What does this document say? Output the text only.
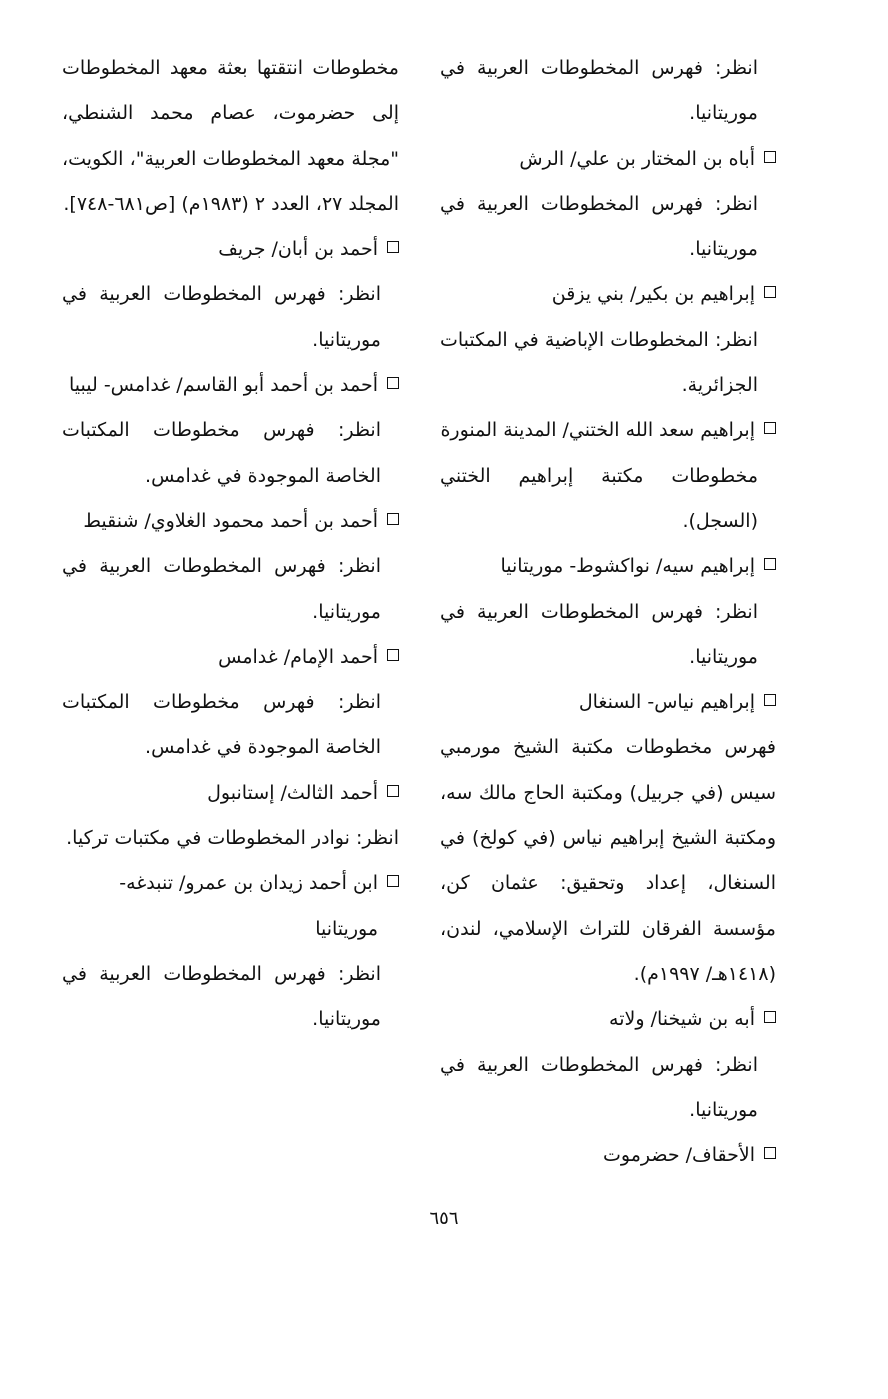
انظر: فهرس المخطوطات العربية في موريتانيا.
أباه بن المختار بن علي/ الرش
انظر: فهرس المخطوطات العربية في موريتانيا.
إبراهيم بن بكير/ بني يزقن
انظر: المخطوطات الإباضية في المكتبات الجزائرية.
إبراهيم سعد الله الختني/ المدينة المنورة
مخطوطات مكتبة إبراهيم الختني (السجل).
إبراهيم سيه/ نواكشوط- موريتانيا
انظر: فهرس المخطوطات العربية في موريتانيا.
إبراهيم نياس- السنغال
فهرس مخطوطات مكتبة الشيخ مورمبي سيس (في جربيل) ومكتبة الحاج مالك سه، ومكتبة الشيخ إبراهيم نياس (في كولخ) في السنغال، إعداد وتحقيق: عثمان كن، مؤسسة الفرقان للتراث الإسلامي، لندن، (١٤١٨هـ/ ١٩٩٧م).
أبه بن شيخنا/ ولاته
انظر: فهرس المخطوطات العربية في موريتانيا.
الأحقاف/ حضرموت
مخطوطات انتقتها بعثة معهد المخطوطات إلى حضرموت، عصام محمد الشنطي، "مجلة معهد المخطوطات العربية"، الكويت، المجلد ٢٧، العدد ٢ (١٩٨٣م) [ص٦٨١-٧٤٨].
أحمد بن أبان/ جريف
انظر: فهرس المخطوطات العربية في موريتانيا.
أحمد بن أحمد أبو القاسم/ غدامس- ليبيا
انظر: فهرس مخطوطات المكتبات الخاصة الموجودة في غدامس.
أحمد بن أحمد محمود الغلاوي/ شنقيط
انظر: فهرس المخطوطات العربية في موريتانيا.
أحمد الإمام/ غدامس
انظر: فهرس مخطوطات المكتبات الخاصة الموجودة في غدامس.
أحمد الثالث/ إستانبول
انظر: نوادر المخطوطات في مكتبات تركيا.
ابن أحمد زيدان بن عمرو/ تنبدغه- موريتانيا
انظر: فهرس المخطوطات العربية في موريتانيا.
٦٥٦
